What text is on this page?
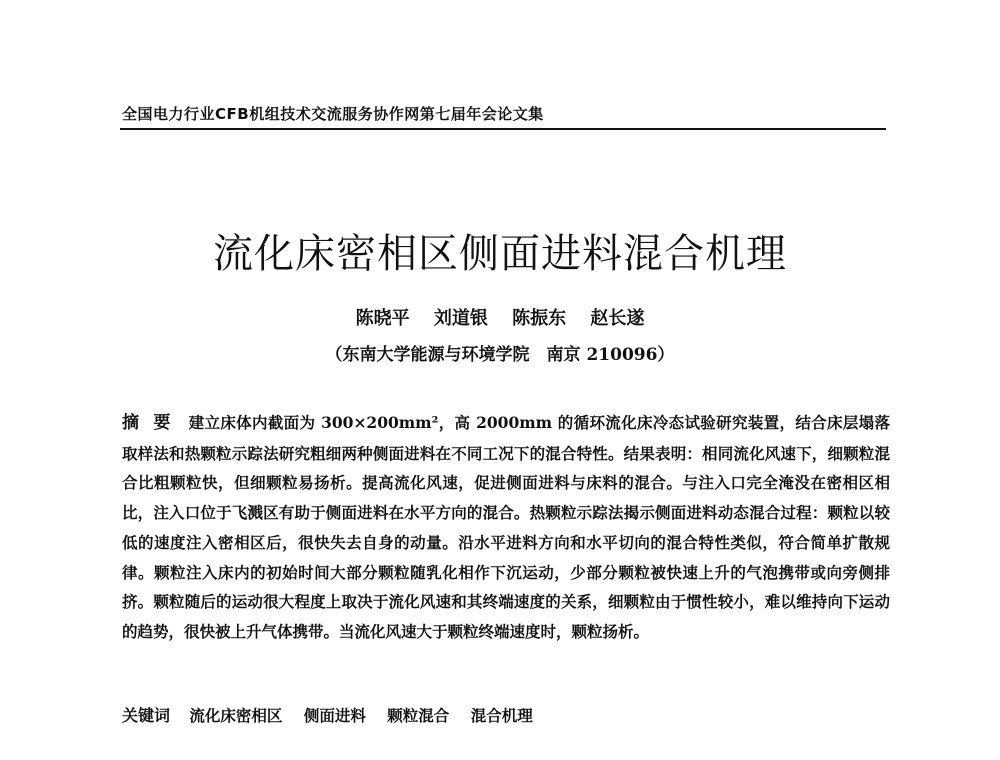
全国电力行业CFB机组技术交流服务协作网第七届年会论文集
流化床密相区侧面进料混合机理
陈晓平 刘道银 陈振东 赵长遂
（东南大学能源与环境学院　南京 210096）
摘要 建立床体内截面为 300×200mm²，高 2000mm 的循环流化床冷态试验研究装置，结合床层塌落取样法和热颗粒示踪法研究粗细两种侧面进料在不同工况下的混合特性。结果表明：相同流化风速下，细颗粒混合比粗颗粒快，但细颗粒易扬析。提高流化风速，促进侧面进料与床料的混合。与注入口完全淹没在密相区相比，注入口位于飞溅区有助于侧面进料在水平方向的混合。热颗粒示踪法揭示侧面进料动态混合过程：颗粒以较低的速度注入密相区后，很快失去自身的动量。沿水平进料方向和水平切向的混合特性类似，符合简单扩散规律。颗粒注入床内的初始时间大部分颗粒随乳化相作下沉运动，少部分颗粒被快速上升的气泡携带或向旁侧排挤。颗粒随后的运动很大程度上取决于流化风速和其终端速度的关系，细颗粒由于惯性较小，难以维持向下运动的趋势，很快被上升气体携带。当流化风速大于颗粒终端速度时，颗粒扬析。
关键词 流化床密相区 侧面进料 颗粒混合 混合机理
